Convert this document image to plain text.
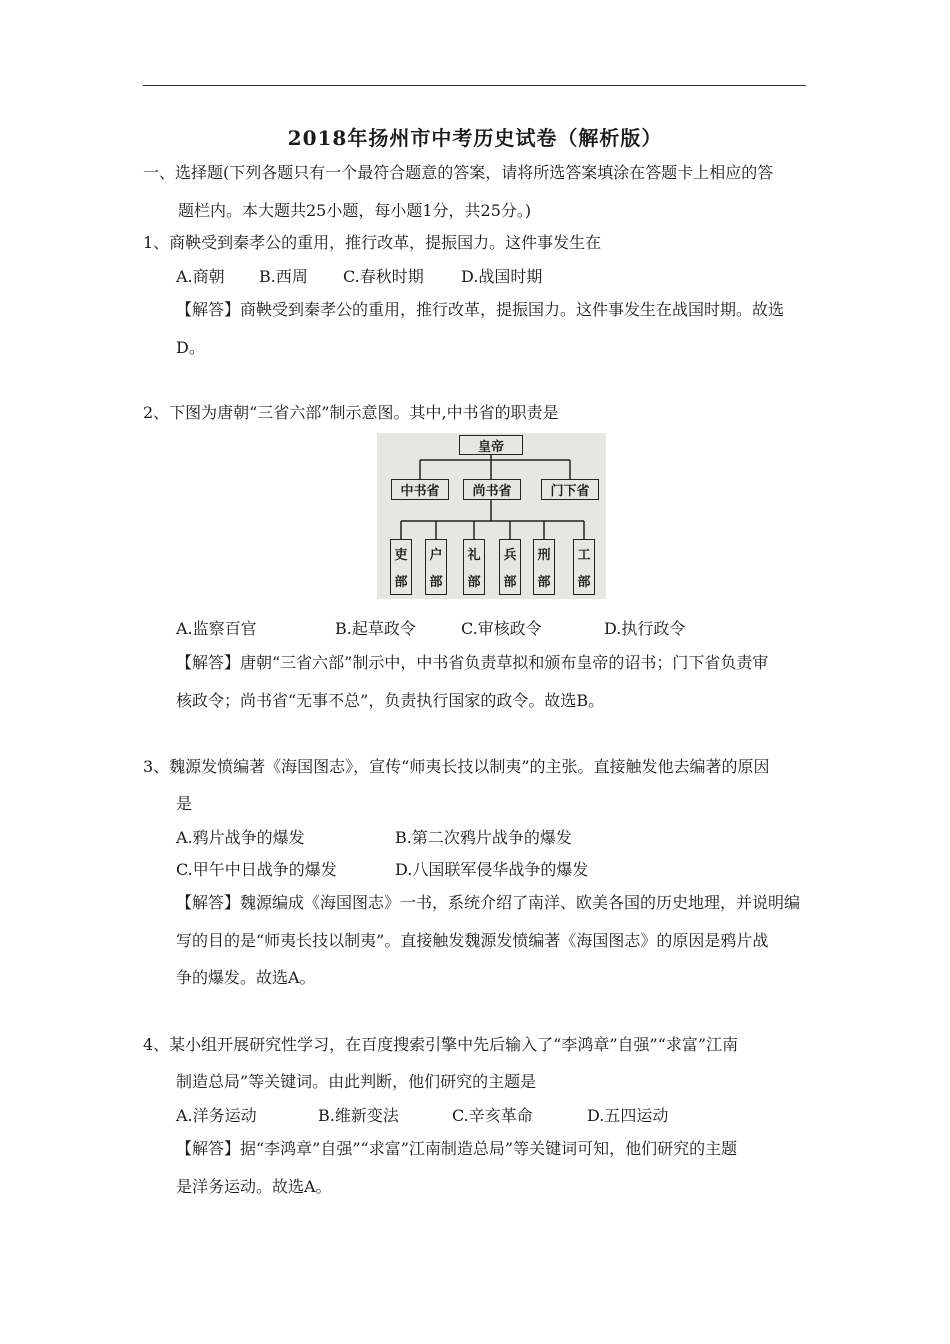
2018年扬州市中考历史试卷（解析版）
一、选择题(下列各题只有一个最符合题意的答案，请将所选答案填涂在答题卡上相应的答
题栏内。本大题共25小题，每小题1分，共25分。)
1、商鞅受到秦孝公的重用，推行改革，提振国力。这件事发生在
A.商朝 B.西周 C.春秋时期 D.战国时期
【解答】商鞅受到秦孝公的重用，推行改革，提振国力。这件事发生在战国时期。故选
D。
2、下图为唐朝“三省六部”制示意图。其中,中书省的职责是
皇帝
中书省	尚书省	门下省
吏
部
户
部
礼
部
兵
部
刑
部
工
部
A.监察百官	B.起草政令	C.审核政令	D.执行政令
【解答】唐朝“三省六部”制示中，中书省负责草拟和颁布皇帝的诏书；门下省负责审
核政令；尚书省“无事不总”，负责执行国家的政令。故选B。
3、魏源发愤编著《海国图志》，宣传“师夷长技以制夷”的主张。直接触发他去编著的原因
是
A.鸦片战争的爆发	B.第二次鸦片战争的爆发
C.甲午中日战争的爆发	D.八国联军侵华战争的爆发
【解答】魏源编成《海国图志》一书，系统介绍了南洋、欧美各国的历史地理，并说明编
写的目的是“师夷长技以制夷”。直接触发魏源发愤编著《海国图志》的原因是鸦片战
争的爆发。故选A。
4、某小组开展研究性学习，在百度搜索引擎中先后输入了“李鸿章”自强”“求富”江南
制造总局”等关键词。由此判断，他们研究的主题是
A.洋务运动	B.维新变法	C.辛亥革命	D.五四运动
【解答】据“李鸿章”自强”“求富”江南制造总局”等关键词可知，他们研究的主题
是洋务运动。故选A。
